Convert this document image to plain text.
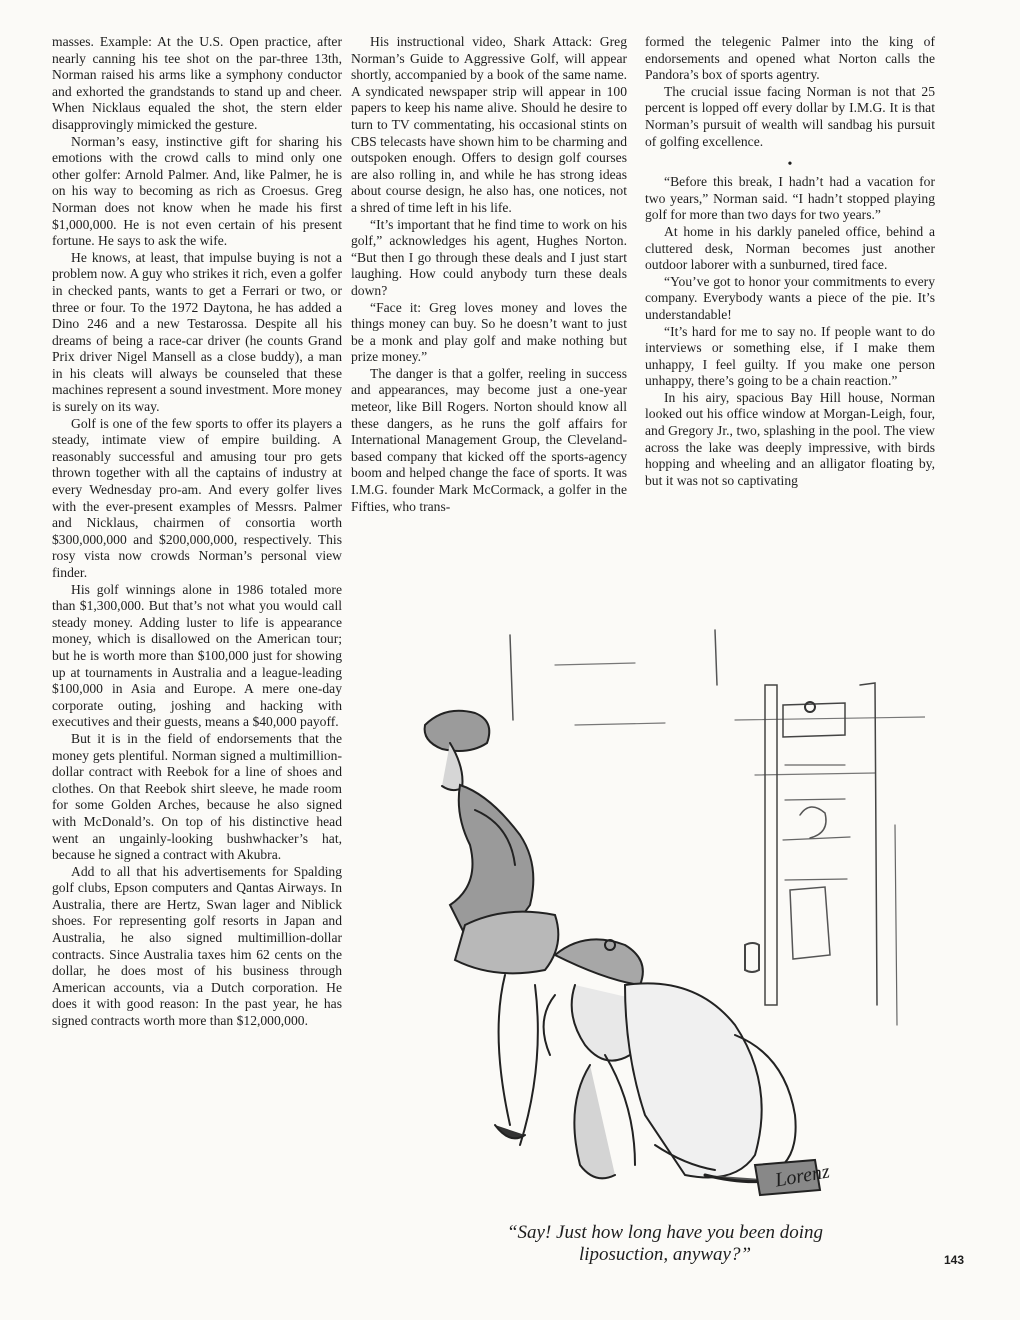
masses. Example: At the U.S. Open practice, after nearly canning his tee shot on the par-three 13th, Norman raised his arms like a symphony conductor and exhorted the grandstands to stand up and cheer. When Nicklaus equaled the shot, the stern elder disapprovingly mimicked the gesture.

Norman’s easy, instinctive gift for sharing his emotions with the crowd calls to mind only one other golfer: Arnold Palmer. And, like Palmer, he is on his way to becoming as rich as Croesus. Greg Norman does not know when he made his first $1,000,000. He is not even certain of his present fortune. He says to ask the wife.

He knows, at least, that impulse buying is not a problem now. A guy who strikes it rich, even a golfer in checked pants, wants to get a Ferrari or two, or three or four. To the 1972 Daytona, he has added a Dino 246 and a new Testarossa. Despite all his dreams of being a race-car driver (he counts Grand Prix driver Nigel Mansell as a close buddy), a man in his cleats will always be counseled that these machines represent a sound investment. More money is surely on its way.

Golf is one of the few sports to offer its players a steady, intimate view of empire building. A reasonably successful and amusing tour pro gets thrown together with all the captains of industry at every Wednesday pro-am. And every golfer lives with the ever-present examples of Messrs. Palmer and Nicklaus, chairmen of consortia worth $300,000,000 and $200,000,000, respectively. This rosy vista now crowds Norman’s personal view finder.

His golf winnings alone in 1986 totaled more than $1,300,000. But that’s not what you would call steady money. Adding luster to life is appearance money, which is disallowed on the American tour; but he is worth more than $100,000 just for showing up at tournaments in Australia and a league-leading $100,000 in Asia and Europe. A mere one-day corporate outing, joshing and hacking with executives and their guests, means a $40,000 payoff.

But it is in the field of endorsements that the money gets plentiful. Norman signed a multimillion-dollar contract with Reebok for a line of shoes and clothes. On that Reebok shirt sleeve, he made room for some Golden Arches, because he also signed with McDonald’s. On top of his distinctive head went an ungainly-looking bushwhacker’s hat, because he signed a contract with Akubra.

Add to all that his advertisements for Spalding golf clubs, Epson computers and Qantas Airways. In Australia, there are Hertz, Swan lager and Niblick shoes. For representing golf resorts in Japan and Australia, he also signed multimillion-dollar contracts. Since Australia taxes him 62 cents on the dollar, he does most of his business through American accounts, via a Dutch corporation. He does it with good reason: In the past year, he has signed contracts worth more than $12,000,000.

His instructional video, Shark Attack: Greg Norman’s Guide to Aggressive Golf, will appear shortly, accompanied by a book of the same name. A syndicated newspaper strip will appear in 100 papers to keep his name alive. Should he desire to turn to TV commentating, his occasional stints on CBS telecasts have shown him to be charming and outspoken enough. Offers to design golf courses are also rolling in, and while he has strong ideas about course design, he also has, one notices, not a shred of time left in his life.

“It’s important that he find time to work on his golf,” acknowledges his agent, Hughes Norton. “But then I go through these deals and I just start laughing. How could anybody turn these deals down?

“Face it: Greg loves money and loves the things money can buy. So he doesn’t want to just be a monk and play golf and make nothing but prize money.”

The danger is that a golfer, reeling in success and appearances, may become just a one-year meteor, like Bill Rogers. Norton should know all these dangers, as he runs the golf affairs for International Management Group, the Cleveland-based company that kicked off the sports-agency boom and helped change the face of sports. It was I.M.G. founder Mark McCormack, a golfer in the Fifties, who trans-

formed the telegenic Palmer into the king of endorsements and opened what Norton calls the Pandora’s box of sports agentry.

The crucial issue facing Norman is not that 25 percent is lopped off every dollar by I.M.G. It is that Norman’s pursuit of wealth will sandbag his pursuit of golfing excellence.

•

“Before this break, I hadn’t had a vacation for two years,” Norman said. “I hadn’t stopped playing golf for more than two days for two years.”

At home in his darkly paneled office, behind a cluttered desk, Norman becomes just another outdoor laborer with a sunburned, tired face.

“You’ve got to honor your commitments to every company. Everybody wants a piece of the pie. It’s understandable!

“It’s hard for me to say no. If people want to do interviews or something else, if I make them unhappy, I feel guilty. If you make one person unhappy, there’s going to be a chain reaction.”

In his airy, spacious Bay Hill house, Norman looked out his office window at Morgan-Leigh, four, and Gregory Jr., two, splashing in the pool. The view across the lake was deeply impressive, with birds hopping and wheeling and an alligator floating by, but it was not so captivating

Lorenz
“Say! Just how long have you been doing
liposuction, anyway?”	143
